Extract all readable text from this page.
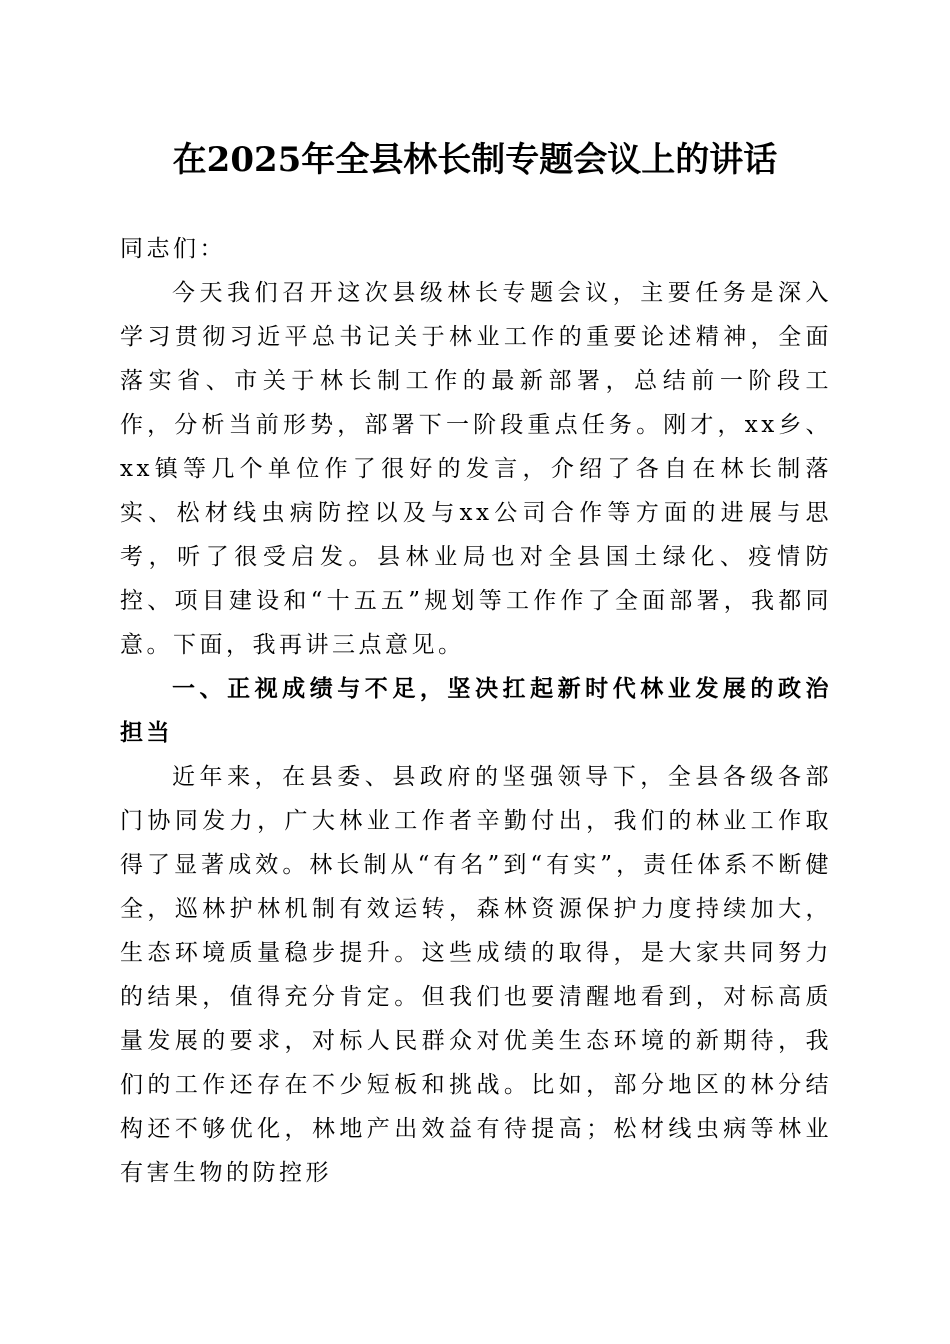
在2025年全县林长制专题会议上的讲话

同志们：

今天我们召开这次县级林长专题会议，主要任务是深入学习贯彻习近平总书记关于林业工作的重要论述精神，全面落实省、市关于林长制工作的最新部署，总结前一阶段工作，分析当前形势，部署下一阶段重点任务。刚才，xx乡、xx镇等几个单位作了很好的发言，介绍了各自在林长制落实、松材线虫病防控以及与xx公司合作等方面的进展与思考，听了很受启发。县林业局也对全县国土绿化、疫情防控、项目建设和“十五五”规划等工作作了全面部署，我都同意。下面，我再讲三点意见。

一、正视成绩与不足，坚决扛起新时代林业发展的政治担当

近年来，在县委、县政府的坚强领导下，全县各级各部门协同发力，广大林业工作者辛勤付出，我们的林业工作取得了显著成效。林长制从“有名”到“有实”，责任体系不断健全，巡林护林机制有效运转，森林资源保护力度持续加大，生态环境质量稳步提升。这些成绩的取得，是大家共同努力的结果，值得充分肯定。但我们也要清醒地看到，对标高质量发展的要求，对标人民群众对优美生态环境的新期待，我们的工作还存在不少短板和挑战。比如，部分地区的林分结构还不够优化，林地产出效益有待提高；松材线虫病等林业有害生物的防控形
